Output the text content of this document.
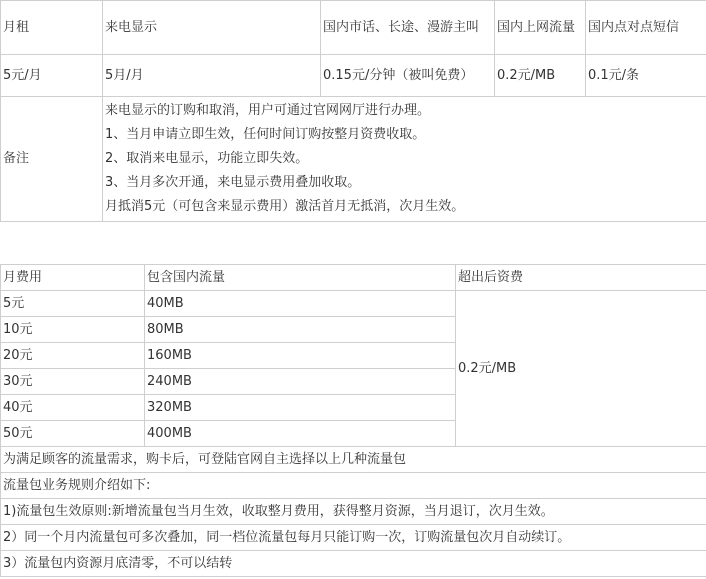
月租	来电显示	国内市话、长途、漫游主叫	国内上网流量	国内点对点短信
5元/月	5月/月	0.15元/分钟（被叫免费）	0.2元/MB	0.1元/条
备注	来电显示的订购和取消，用户可通过官网网厅进行办理。
1、当月申请立即生效，任何时间订购按整月资费收取。
2、取消来电显示，功能立即失效。
3、当月多次开通，来电显示费用叠加收取。
月抵消5元（可包含来显示费用）激活首月无抵消，次月生效。			
月费用	包含国内流量	超出后资费
5元	40MB	0.2元/MB
10元	80MB	
20元	160MB	
30元	240MB	
40元	320MB	
50元	400MB	
为满足顾客的流量需求，购卡后，可登陆官网自主选择以上几种流量包		
流量包业务规则介绍如下:		
1)流量包生效原则:新增流量包当月生效，收取整月费用，获得整月资源，当月退订，次月生效。		
2）同一个月内流量包可多次叠加，同一档位流量包每月只能订购一次，订购流量包次月自动续订。		
3）流量包内资源月底清零，不可以结转		
